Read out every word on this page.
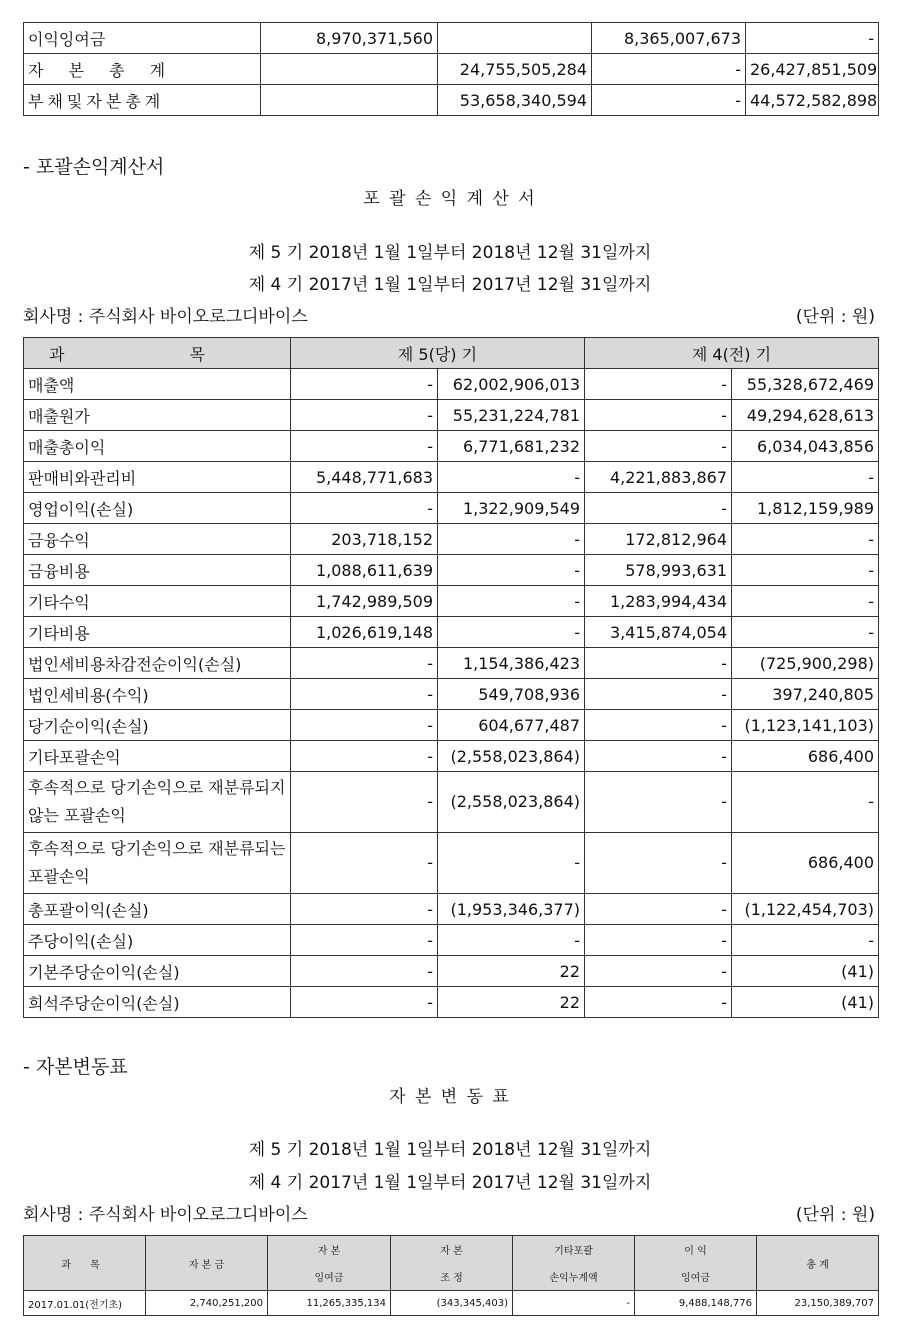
이익잉여금	8,970,371,560		8,365,007,673	-
자 본 총 계		24,755,505,284	-	26,427,851,509
부채및자본총계		53,658,340,594	-	44,572,582,898
- 포괄손익계산서
포 괄 손 익 계 산 서
제 5 기 2018년 1월 1일부터 2018년 12월 31일까지
제 4 기 2017년 1월 1일부터 2017년 12월 31일까지
회사명 : 주식회사 바이오로그디바이스	(단위 : 원)
과 목	제 5(당) 기		제 4(전) 기	
매출액	-	62,002,906,013	-	55,328,672,469
매출원가	-	55,231,224,781	-	49,294,628,613
매출총이익	-	6,771,681,232	-	6,034,043,856
판매비와관리비	5,448,771,683	-	4,221,883,867	-
영업이익(손실)	-	1,322,909,549	-	1,812,159,989
금융수익	203,718,152	-	172,812,964	-
금융비용	1,088,611,639	-	578,993,631	-
기타수익	1,742,989,509	-	1,283,994,434	-
기타비용	1,026,619,148	-	3,415,874,054	-
법인세비용차감전순이익(손실)	-	1,154,386,423	-	(725,900,298)
법인세비용(수익)	-	549,708,936	-	397,240,805
당기순이익(손실)	-	604,677,487	-	(1,123,141,103)
기타포괄손익	-	(2,558,023,864)	-	686,400
후속적으로 당기손익으로 재분류되지 않는 포괄손익	-	(2,558,023,864)	-	-
후속적으로 당기손익으로 재분류되는 포괄손익	-	-	-	686,400
총포괄이익(손실)	-	(1,953,346,377)	-	(1,122,454,703)
주당이익(손실)	-	-	-	-
기본주당순이익(손실)	-	22	-	(41)
희석주당순이익(손실)	-	22	-	(41)
- 자본변동표
자 본 변 동 표
제 5 기 2018년 1월 1일부터 2018년 12월 31일까지
제 4 기 2017년 1월 1일부터 2017년 12월 31일까지
회사명 : 주식회사 바이오로그디바이스	(단위 : 원)
과 목	자 본 금	자 본	자 본	기타포괄	이 익	총 계
		잉여금	조 정	손익누계액	잉여금	
2017.01.01(전기초)	2,740,251,200	11,265,335,134	(343,345,403)	-	9,488,148,776	23,150,389,707
